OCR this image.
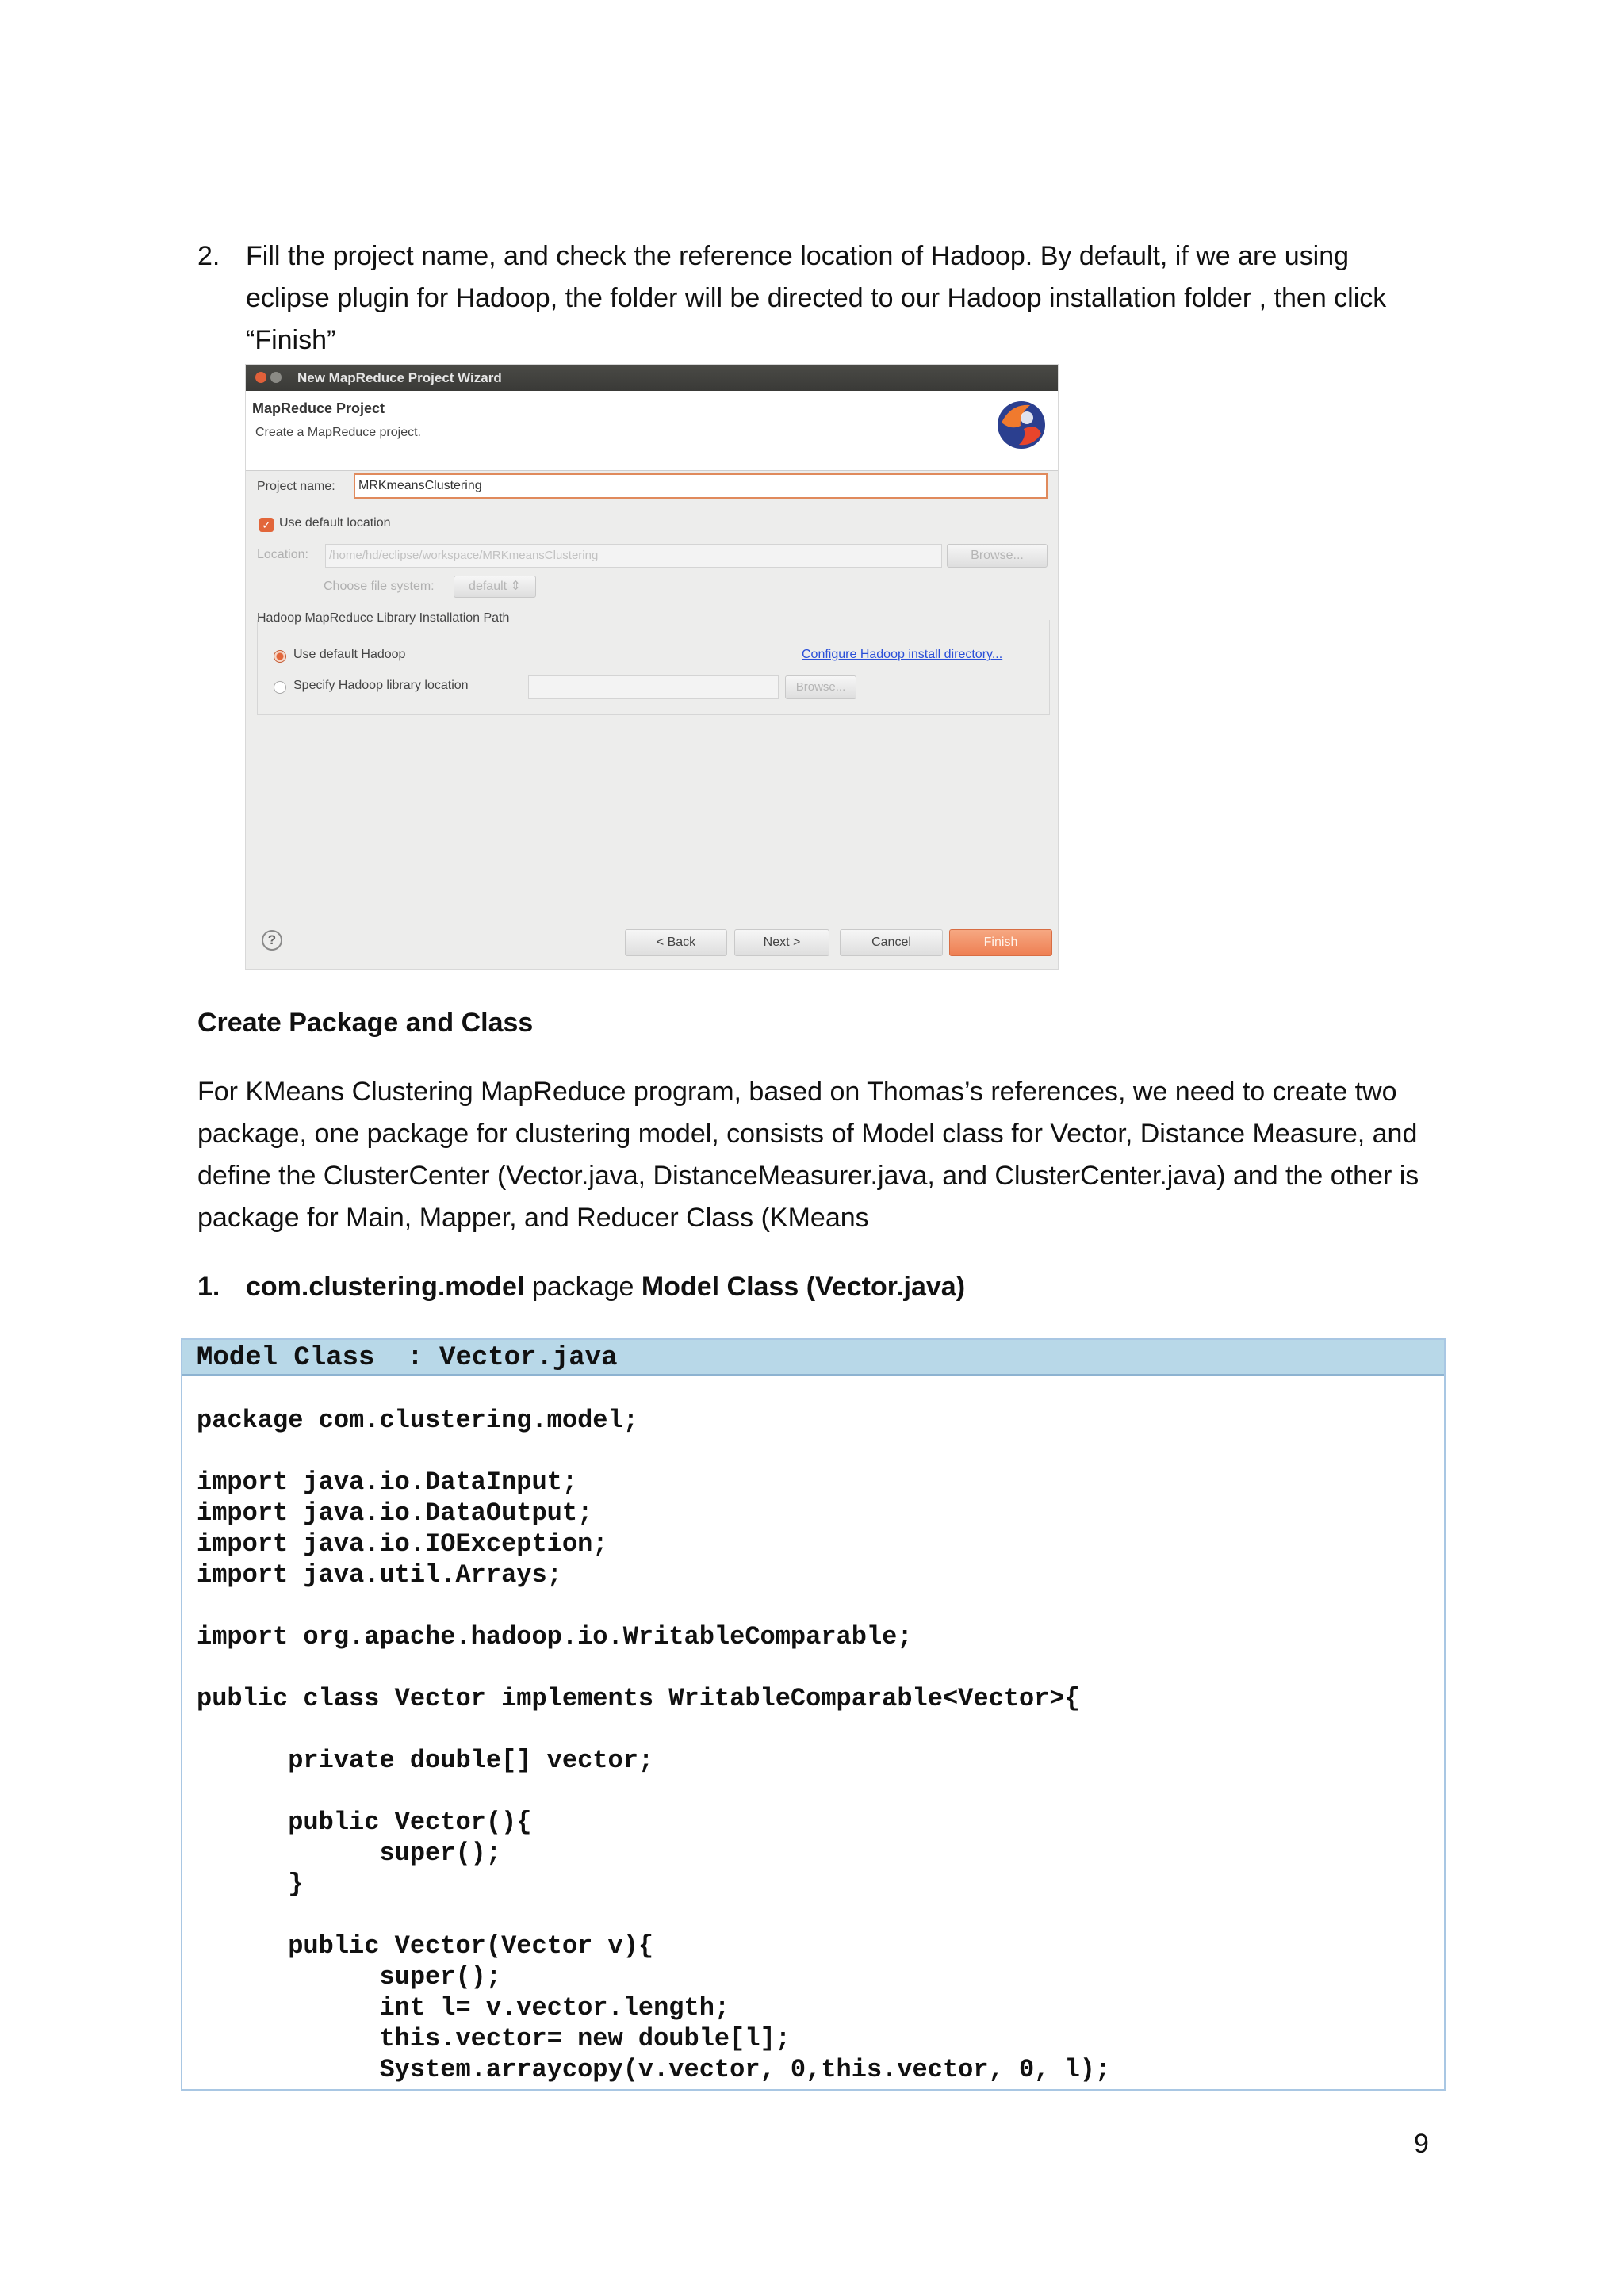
2. Fill the project name, and check the reference location of Hadoop. By default, if we are using eclipse plugin for Hadoop, the folder will be directed to our Hadoop installation folder , then click “Finish”
New MapReduce Project Wizard
MapReduce Project
Create a MapReduce project.
Project name:	MRKmeansClustering
✓ Use default location
Location:	/home/hd/eclipse/workspace/MRKmeansClustering	Browse...
Choose file system:	default ⇕
Hadoop MapReduce Library Installation Path
Use default Hadoop	Configure Hadoop install directory...
Specify Hadoop library location	Browse...
?	< Back	Next >	Cancel	Finish
Create Package and Class
For KMeans Clustering MapReduce program, based on Thomas’s references, we need to create two package, one package for clustering model, consists of Model class for Vector, Distance Measure, and define the ClusterCenter (Vector.java, DistanceMeasurer.java, and ClusterCenter.java) and the other is package for Main, Mapper, and Reducer Class (KMeans
1. com.clustering.model package Model Class (Vector.java)
Model Class  : Vector.java
package com.clustering.model;
import java.io.DataInput;
import java.io.DataOutput;
import java.io.IOException;
import java.util.Arrays;
import org.apache.hadoop.io.WritableComparable;
public class Vector implements WritableComparable<Vector>{
private double[] vector;
public Vector(){
super();
}
public Vector(Vector v){
super();
int l= v.vector.length;
this.vector= new double[l];
System.arraycopy(v.vector, 0,this.vector, 0, l);
9
